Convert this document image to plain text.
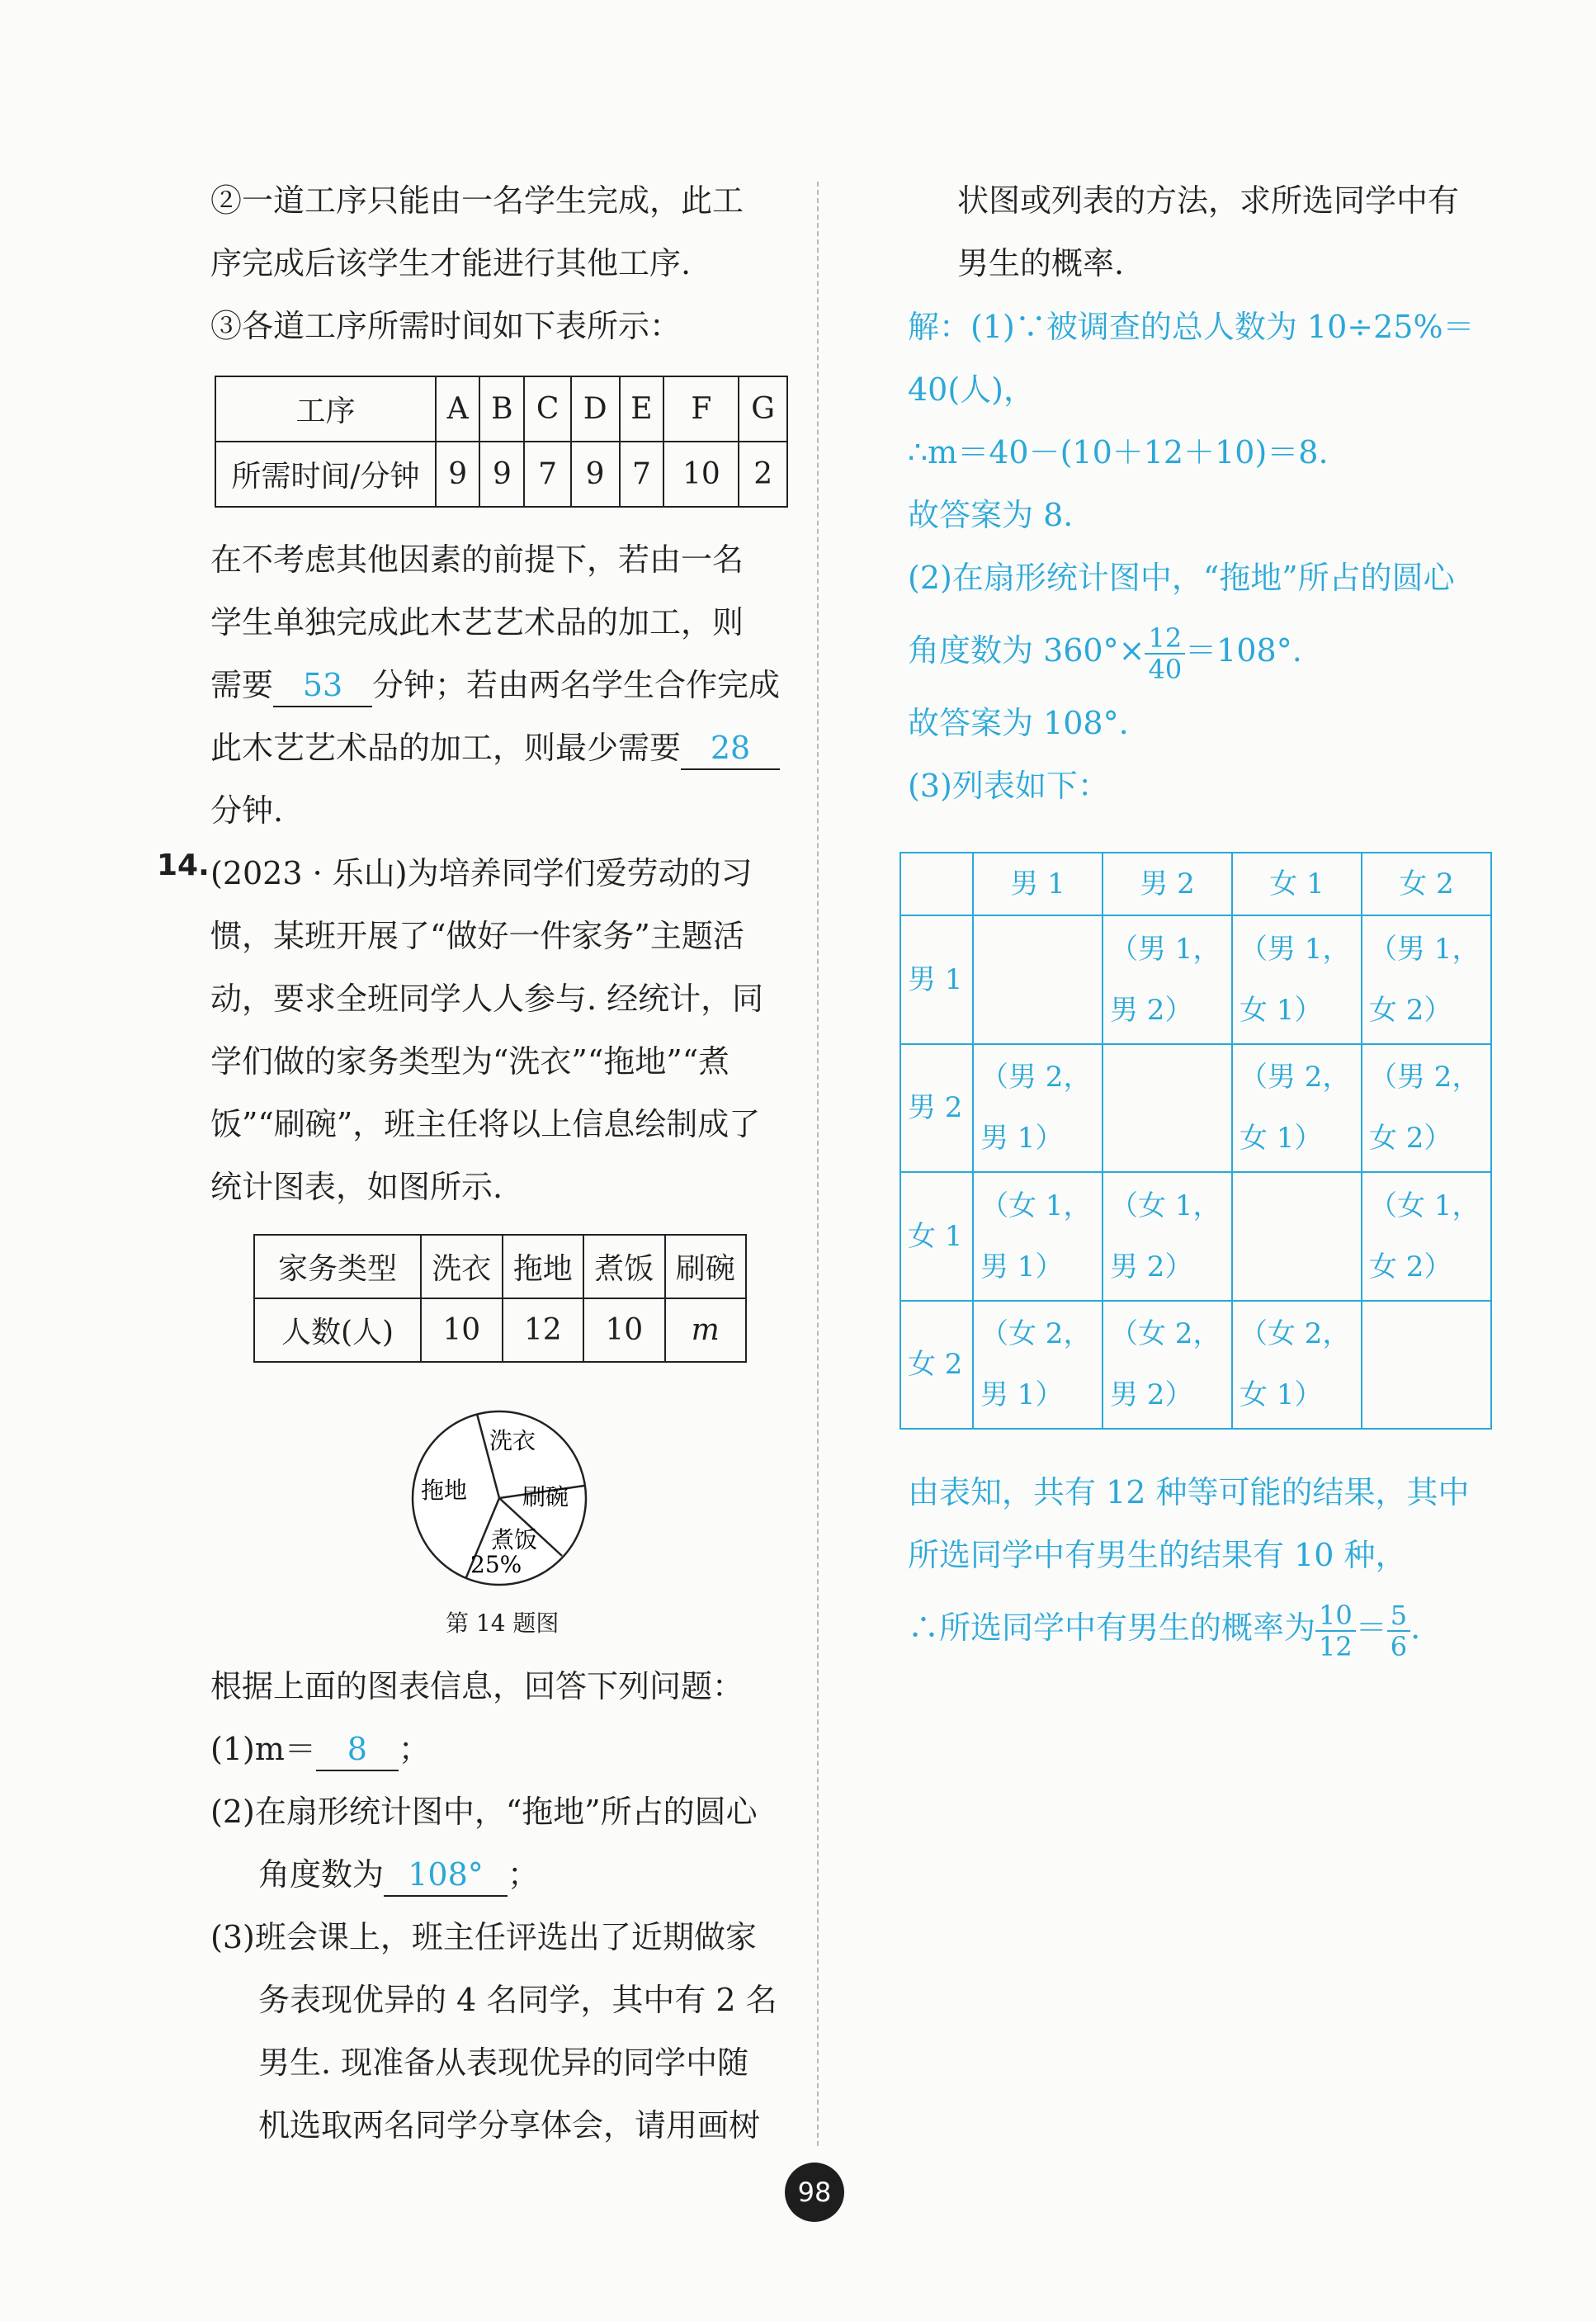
②一道工序只能由一名学生完成，此工

序完成后该学生才能进行其他工序.

③各道工序所需时间如下表所示：

工序	A	B	C	D	E	F	G
所需时间/分钟	9	9	7	9	7	10	2

在不考虑其他因素的前提下，若由一名

学生单独完成此木艺艺术品的加工，则

需要 53 分钟；若由两名学生合作完成

此木艺艺术品的加工，则最少需要 28

分钟.

14. (2023 · 乐山)为培养同学们爱劳动的习

惯，某班开展了“做好一件家务”主题活

动，要求全班同学人人参与. 经统计，同

学们做的家务类型为“洗衣”“拖地”“煮

饭”“刷碗”，班主任将以上信息绘制成了

统计图表，如图所示.

家务类型	洗衣	拖地	煮饭	刷碗
人数(人)	10	12	10	m
洗衣
刷碗
煮饭
25%
拖地
第 14 题图

根据上面的图表信息，回答下列问题：

(1)m＝ 8 ；

(2)在扇形统计图中，“拖地”所占的圆心

角度数为 108° ；

(3)班会课上，班主任评选出了近期做家

务表现优异的 4 名同学，其中有 2 名

男生. 现准备从表现优异的同学中随

机选取两名同学分享体会，请用画树

状图或列表的方法，求所选同学中有

男生的概率.

解：(1)∵被调查的总人数为 10÷25%＝

40(人)，

∴m＝40－(10＋12＋10)＝8.

故答案为 8.

(2)在扇形统计图中，“拖地”所占的圆心

角度数为 $360^\circ\times \frac{12}{40} =108^\circ$.

故答案为 108°.

(3)列表如下：

	男 1	男 2	女 1	女 2
男 1		（男 1，男 2）	（男 1，女 1）	（男 1，女 2）
男 2	（男 2，男 1）		（男 2，女 1）	（男 2，女 2）
女 1	（女 1，男 1）	（女 1，男 2）		（女 1，女 2）
女 2	（女 2，男 1）	（女 2，男 2）	（女 2，女 1）	

由表知，共有 12 种等可能的结果，其中

所选同学中有男生的结果有 10 种，

∴所选同学中有男生的概率为 $\frac{10}{12} = \frac{5}{6}$ .

98
